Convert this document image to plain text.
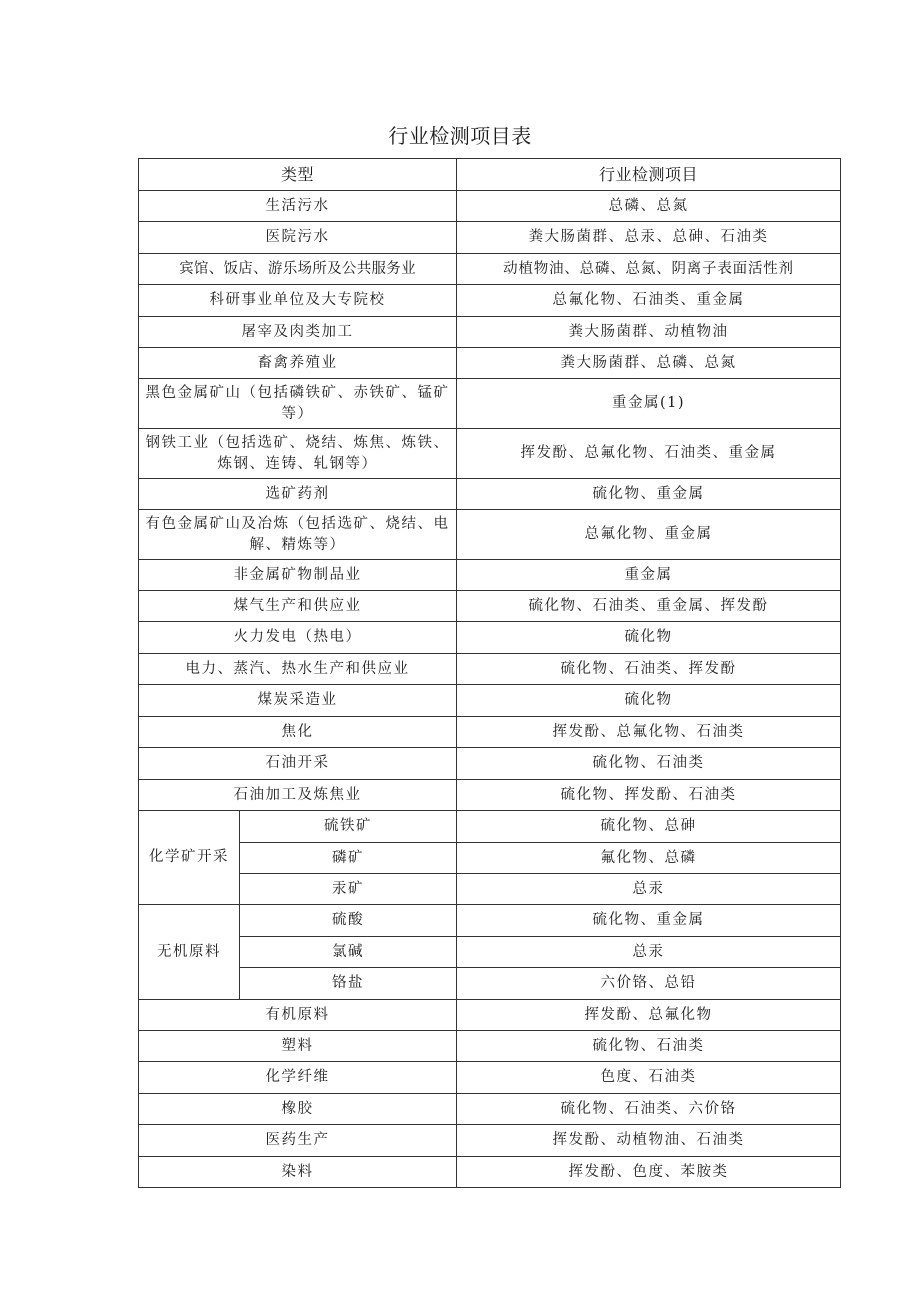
行业检测项目表
类型		行业检测项目
生活污水		总磷、总氮
医院污水		粪大肠菌群、总汞、总砷、石油类
宾馆、饭店、游乐场所及公共服务业		动植物油、总磷、总氮、阴离子表面活性剂
科研事业单位及大专院校		总氟化物、石油类、重金属
屠宰及肉类加工		粪大肠菌群、动植物油
畜禽养殖业		粪大肠菌群、总磷、总氮
黑色金属矿山（包括磷铁矿、赤铁矿、锰矿等）		重金属(1)
钢铁工业（包括选矿、烧结、炼焦、炼铁、炼钢、连铸、轧钢等）		挥发酚、总氟化物、石油类、重金属
选矿药剂		硫化物、重金属
有色金属矿山及冶炼（包括选矿、烧结、电解、精炼等）		总氟化物、重金属
非金属矿物制品业		重金属
煤气生产和供应业		硫化物、石油类、重金属、挥发酚
火力发电（热电）		硫化物
电力、蒸汽、热水生产和供应业		硫化物、石油类、挥发酚
煤炭采造业		硫化物
焦化		挥发酚、总氟化物、石油类
石油开采		硫化物、石油类
石油加工及炼焦业		硫化物、挥发酚、石油类
化学矿开采	硫铁矿	硫化物、总砷
	磷矿	氟化物、总磷
	汞矿	总汞
无机原料	硫酸	硫化物、重金属
	氯碱	总汞
	铬盐	六价铬、总铅
有机原料		挥发酚、总氟化物
塑料		硫化物、石油类
化学纤维		色度、石油类
橡胶		硫化物、石油类、六价铬
医药生产		挥发酚、动植物油、石油类
染料		挥发酚、色度、苯胺类
